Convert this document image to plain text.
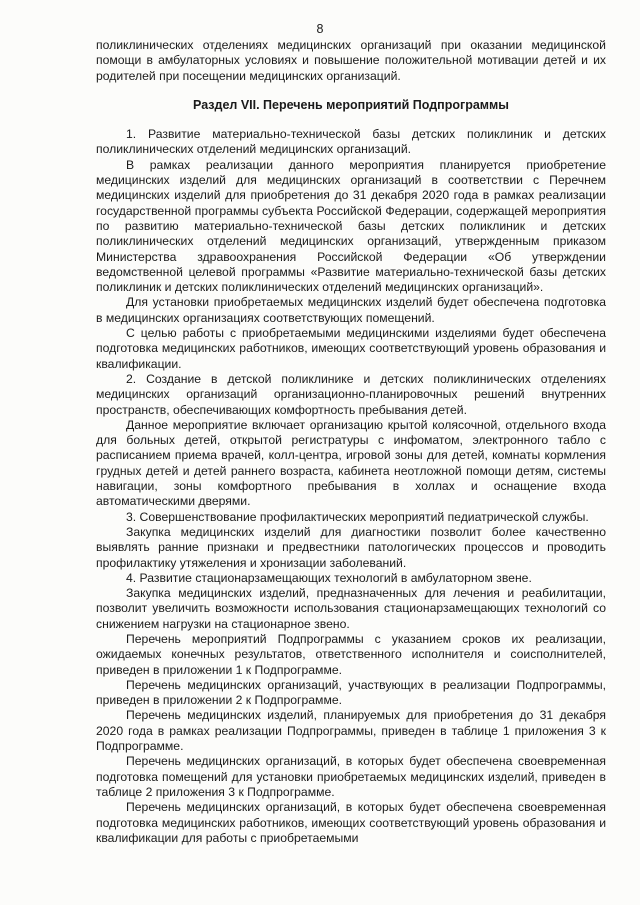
8

поликлинических отделениях медицинских организаций при оказании медицинской помощи в амбулаторных условиях и повышение положительной мотивации детей и их родителей при посещении медицинских организаций.

Раздел VII. Перечень мероприятий Подпрограммы

1. Развитие материально-технической базы детских поликлиник и детских поликлинических отделений медицинских организаций.

В рамках реализации данного мероприятия планируется приобретение медицинских изделий для медицинских организаций в соответствии с Перечнем медицинских изделий для приобретения до 31 декабря 2020 года в рамках реализации государственной программы субъекта Российской Федерации, содержащей мероприятия по развитию материально-технической базы детских поликлиник и детских поликлинических отделений медицинских организаций, утвержденным приказом Министерства здравоохранения Российской Федерации «Об утверждении ведомственной целевой программы «Развитие материально-технической базы детских поликлиник и детских поликлинических отделений медицинских организаций».

Для установки приобретаемых медицинских изделий будет обеспечена подготовка в медицинских организациях соответствующих помещений.

С целью работы с приобретаемыми медицинскими изделиями будет обеспечена подготовка медицинских работников, имеющих соответствующий уровень образования и квалификации.

2. Создание в детской поликлинике и детских поликлинических отделениях медицинских организаций организационно-планировочных решений внутренних пространств, обеспечивающих комфортность пребывания детей.

Данное мероприятие включает организацию крытой колясочной, отдельного входа для больных детей, открытой регистратуры с инфоматом, электронного табло с расписанием приема врачей, колл-центра, игровой зоны для детей, комнаты кормления грудных детей и детей раннего возраста, кабинета неотложной помощи детям, системы навигации, зоны комфортного пребывания в холлах и оснащение входа автоматическими дверями.

3. Совершенствование профилактических мероприятий педиатрической службы.

Закупка медицинских изделий для диагностики позволит более качественно выявлять ранние признаки и предвестники патологических процессов и проводить профилактику утяжеления и хронизации заболеваний.

4. Развитие стационарзамещающих технологий в амбулаторном звене.

Закупка медицинских изделий, предназначенных для лечения и реабилитации, позволит увеличить возможности использования стационарзамещающих технологий со снижением нагрузки на стационарное звено.

Перечень мероприятий Подпрограммы с указанием сроков их реализации, ожидаемых конечных результатов, ответственного исполнителя и соисполнителей, приведен в приложении 1 к Подпрограмме.

Перечень медицинских организаций, участвующих в реализации Подпрограммы, приведен в приложении 2 к Подпрограмме.

Перечень медицинских изделий, планируемых для приобретения до 31 декабря 2020 года в рамках реализации Подпрограммы, приведен в таблице 1 приложения 3 к Подпрограмме.

Перечень медицинских организаций, в которых будет обеспечена своевременная подготовка помещений для установки приобретаемых медицинских изделий, приведен в таблице 2 приложения 3 к Подпрограмме.

Перечень медицинских организаций, в которых будет обеспечена своевременная подготовка медицинских работников, имеющих соответствующий уровень образования и квалификации для работы с приобретаемыми
